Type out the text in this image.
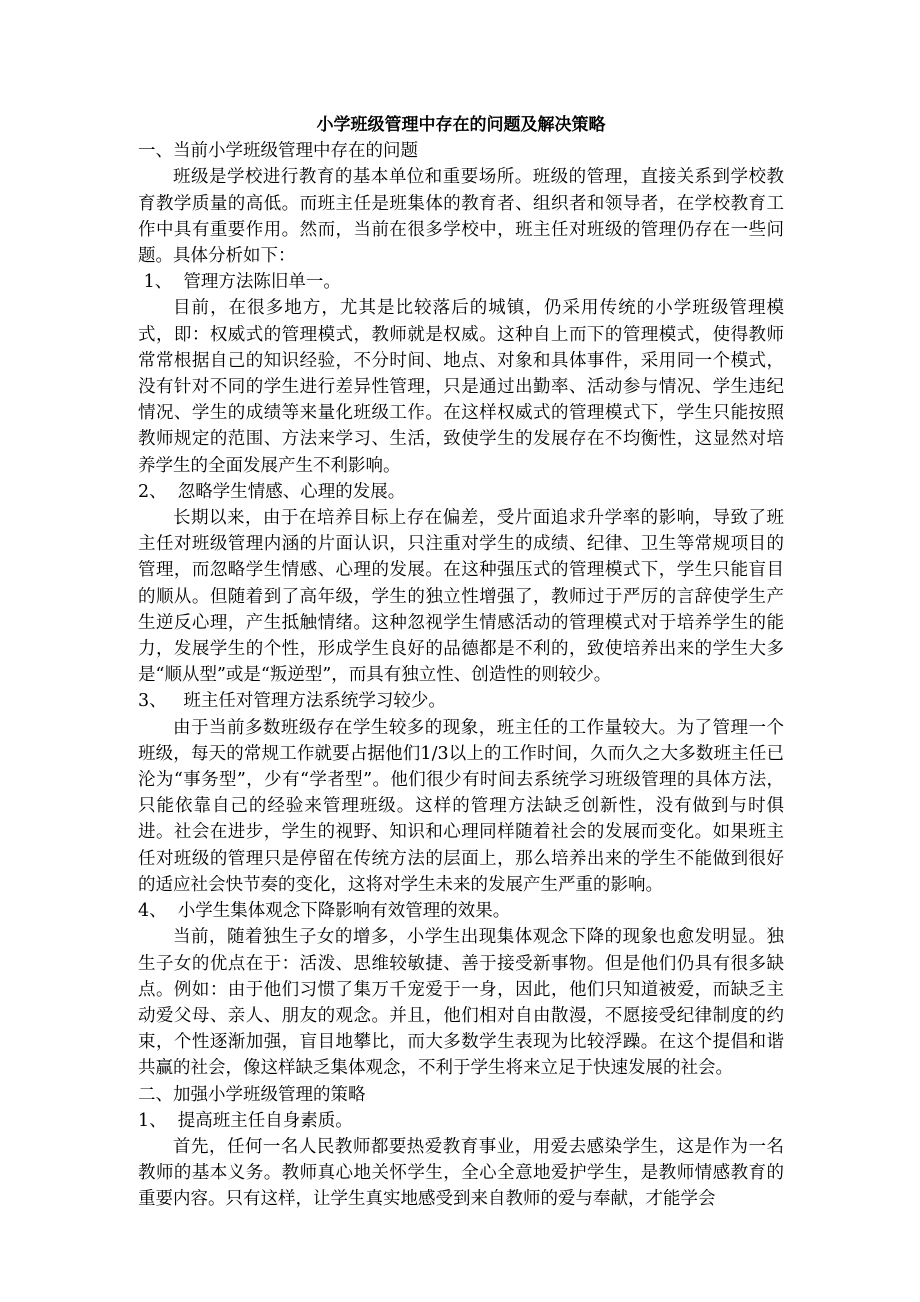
小学班级管理中存在的问题及解决策略

一、当前小学班级管理中存在的问题

班级是学校进行教育的基本单位和重要场所。班级的管理，直接关系到学校教育教学质量的高低。而班主任是班集体的教育者、组织者和领导者，在学校教育工作中具有重要作用。然而，当前在很多学校中，班主任对班级的管理仍存在一些问题。具体分析如下：

1、  管理方法陈旧单一。

目前，在很多地方，尤其是比较落后的城镇，仍采用传统的小学班级管理模式，即：权威式的管理模式，教师就是权威。这种自上而下的管理模式，使得教师常常根据自己的知识经验，不分时间、地点、对象和具体事件，采用同一个模式，没有针对不同的学生进行差异性管理，只是通过出勤率、活动参与情况、学生违纪情况、学生的成绩等来量化班级工作。在这样权威式的管理模式下，学生只能按照教师规定的范围、方法来学习、生活，致使学生的发展存在不均衡性，这显然对培养学生的全面发展产生不利影响。

2、  忽略学生情感、心理的发展。

长期以来，由于在培养目标上存在偏差，受片面追求升学率的影响，导致了班主任对班级管理内涵的片面认识，只注重对学生的成绩、纪律、卫生等常规项目的管理，而忽略学生情感、心理的发展。在这种强压式的管理模式下，学生只能盲目的顺从。但随着到了高年级，学生的独立性增强了，教师过于严厉的言辞使学生产生逆反心理，产生抵触情绪。这种忽视学生情感活动的管理模式对于培养学生的能力，发展学生的个性，形成学生良好的品德都是不利的，致使培养出来的学生大多是“顺从型”或是“叛逆型”，而具有独立性、创造性的则较少。

3、   班主任对管理方法系统学习较少。

由于当前多数班级存在学生较多的现象，班主任的工作量较大。为了管理一个班级，每天的常规工作就要占据他们1/3以上的工作时间，久而久之大多数班主任已沦为“事务型”，少有“学者型”。他们很少有时间去系统学习班级管理的具体方法，只能依靠自己的经验来管理班级。这样的管理方法缺乏创新性，没有做到与时俱进。社会在进步，学生的视野、知识和心理同样随着社会的发展而变化。如果班主任对班级的管理只是停留在传统方法的层面上，那么培养出来的学生不能做到很好的适应社会快节奏的变化，这将对学生未来的发展产生严重的影响。

4、  小学生集体观念下降影响有效管理的效果。

当前，随着独生子女的增多，小学生出现集体观念下降的现象也愈发明显。独生子女的优点在于：活泼、思维较敏捷、善于接受新事物。但是他们仍具有很多缺点。例如：由于他们习惯了集万千宠爱于一身，因此，他们只知道被爱，而缺乏主动爱父母、亲人、朋友的观念。并且，他们相对自由散漫，不愿接受纪律制度的约束，个性逐渐加强，盲目地攀比，而大多数学生表现为比较浮躁。在这个提倡和谐共赢的社会，像这样缺乏集体观念，不利于学生将来立足于快速发展的社会。

二、加强小学班级管理的策略

1、  提高班主任自身素质。

首先，任何一名人民教师都要热爱教育事业，用爱去感染学生，这是作为一名教师的基本义务。教师真心地关怀学生，全心全意地爱护学生，是教师情感教育的重要内容。只有这样，让学生真实地感受到来自教师的爱与奉献，才能学会
